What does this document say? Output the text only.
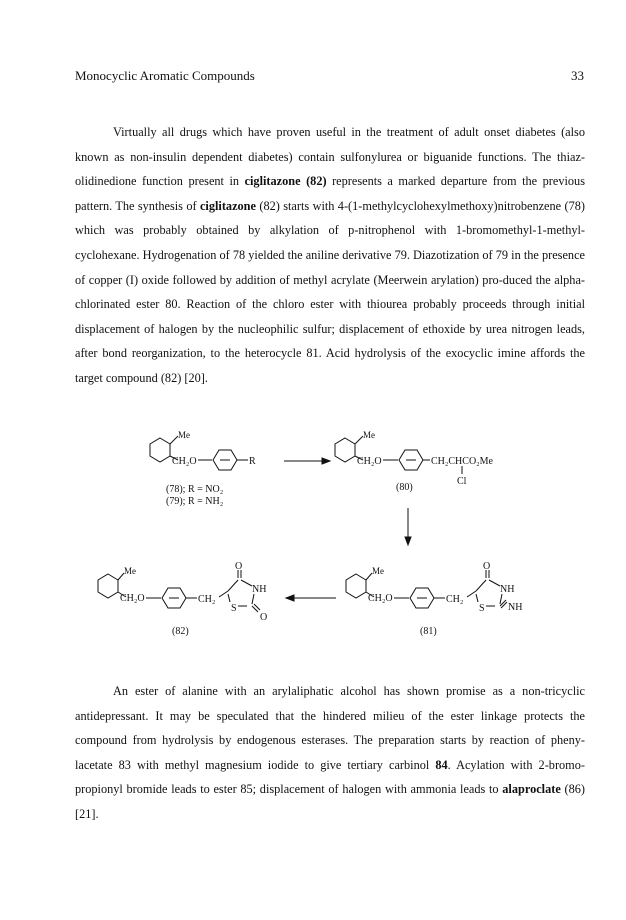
Monocyclic Aromatic Compounds	33

Virtually all drugs which have proven useful in the treatment of adult onset diabetes (also known as non-insulin dependent diabetes) contain sulfonylurea or biguanide functions. The thiaz-olidinedione function present in ciglitazone (82) represents a marked departure from the previous pattern. The synthesis of ciglitazone (82) starts with 4-(1-methylcyclohexylmethoxy)nitrobenzene (78) which was probably obtained by alkylation of p-nitrophenol with 1-bromomethyl-1-methyl-cyclohexane. Hydrogenation of 78 yielded the aniline derivative 79. Diazotization of 79 in the presence of copper (I) oxide followed by addition of methyl acrylate (Meerwein arylation) pro-duced the alpha-chlorinated ester 80. Reaction of the chloro ester with thiourea probably proceeds through initial displacement of halogen by the nucleophilic sulfur; displacement of ethoxide by urea nitrogen leads, after bond reorganization, to the heterocycle 81. Acid hydrolysis of the exocyclic imine affords the target compound (82) [20].

Me
CH₂O	R
(78); R = NO₂
(79); R = NH₂
Me
CH₂O	CH₂CHCO₂Me
Cl
(80)
Me
CH₂O	CH₂
O
NH
S
O
(82)
Me
CH₂O	CH₂
O
NH
S NH
(81)

An ester of alanine with an arylaliphatic alcohol has shown promise as a non-tricyclic antidepressant. It may be speculated that the hindered milieu of the ester linkage protects the compound from hydrolysis by endogenous esterases. The preparation starts by reaction of pheny-lacetate 83 with methyl magnesium iodide to give tertiary carbinol 84. Acylation with 2-bromo-propionyl bromide leads to ester 85; displacement of halogen with ammonia leads to alaproclate (86) [21].
